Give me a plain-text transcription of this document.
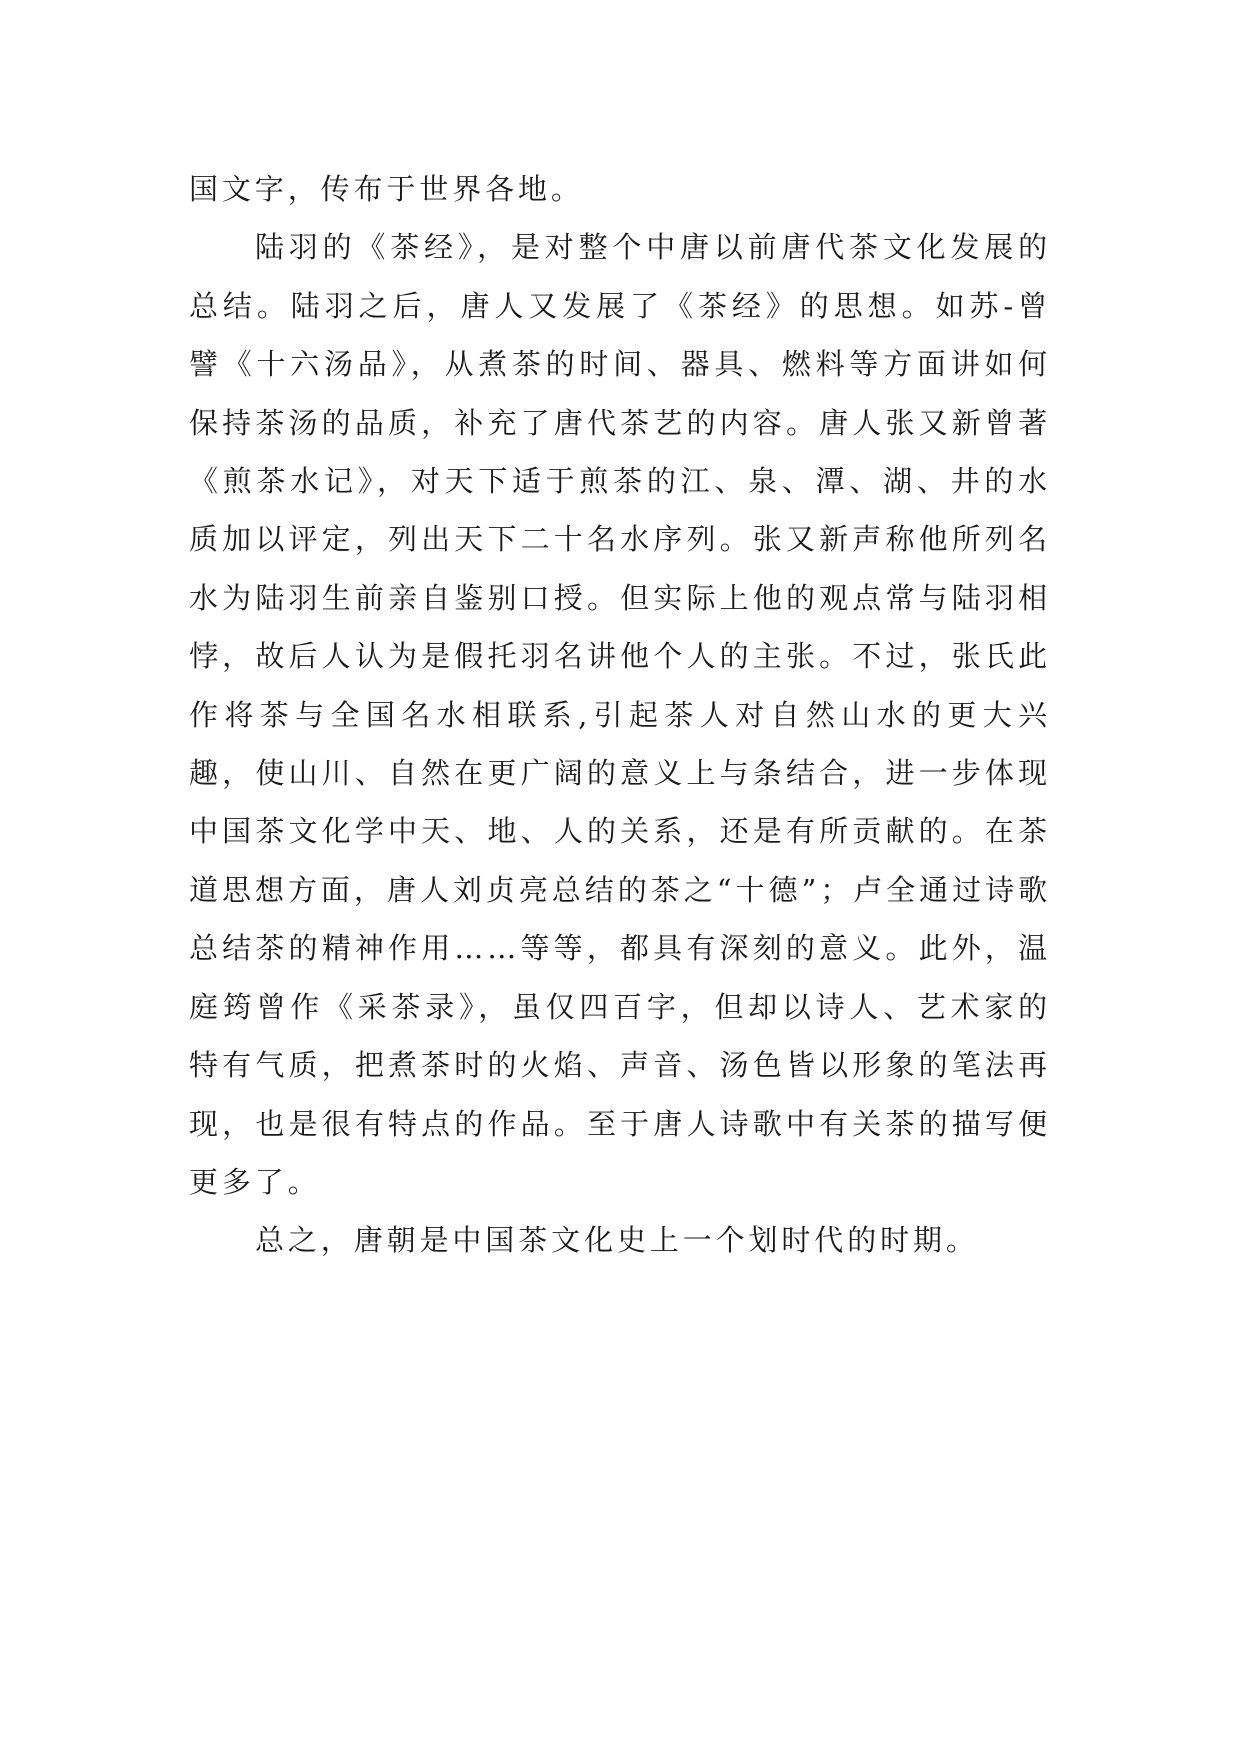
国文字，传布于世界各地。

陆羽的《茶经》，是对整个中唐以前唐代茶文化发展的总结。陆羽之后，唐人又发展了《茶经》的思想。如苏-曾譬《十六汤品》，从煮茶的时间、器具、燃料等方面讲如何保持茶汤的品质，补充了唐代茶艺的内容。唐人张又新曾著《煎茶水记》，对天下适于煎茶的江、泉、潭、湖、井的水质加以评定，列出天下二十名水序列。张又新声称他所列名水为陆羽生前亲自鉴别口授。但实际上他的观点常与陆羽相悖，故后人认为是假托羽名讲他个人的主张。不过，张氏此作将茶与全国名水相联系,引起茶人对自然山水的更大兴趣，使山川、自然在更广阔的意义上与条结合，进一步体现中国茶文化学中天、地、人的关系，还是有所贡献的。在茶道思想方面，唐人刘贞亮总结的茶之“十德”；卢全通过诗歌总结茶的精神作用……等等，都具有深刻的意义。此外，温庭筠曾作《采茶录》，虽仅四百字，但却以诗人、艺术家的特有气质，把煮茶时的火焰、声音、汤色皆以形象的笔法再现，也是很有特点的作品。至于唐人诗歌中有关茶的描写便更多了。

总之，唐朝是中国茶文化史上一个划时代的时期。
